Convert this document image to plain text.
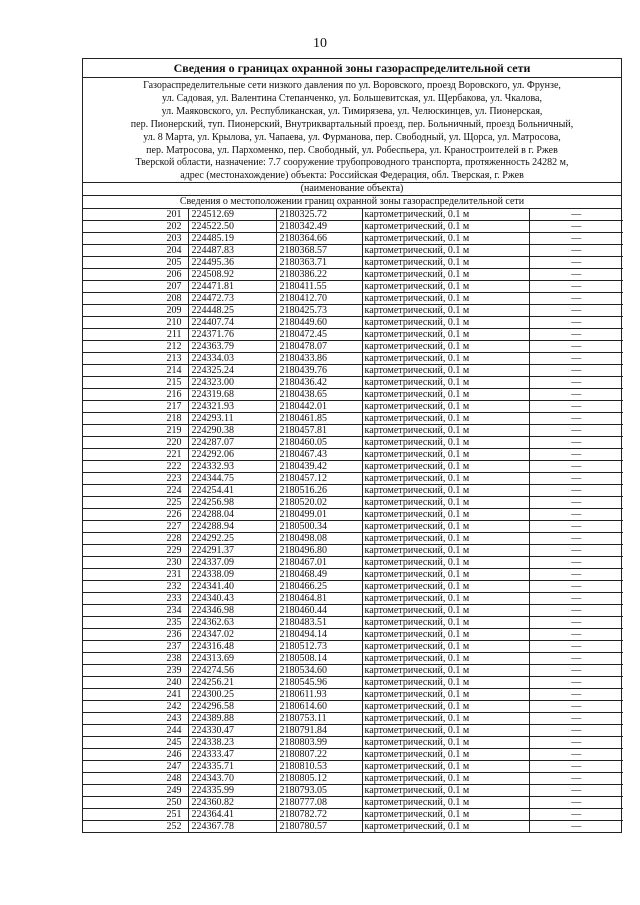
10
Сведения о границах охранной зоны газораспределительной сети
Газораспределительные сети низкого давления по ул. Воровского, проезд Воровского, ул. Фрунзе,
ул. Садовая, ул. Валентина Степанченко, ул. Большевитская, ул. Щербакова, ул. Чкалова,
ул. Маяковского, ул. Республиканская, ул. Тимирязева, ул. Челюскинцев, ул. Пионерская,
пер. Пионерский, туп. Пионерский, Внутриквартальный проезд, пер. Больничный, проезд Больничный,
ул. 8 Марта, ул. Крылова, ул. Чапаева, ул. Фурманова, пер. Свободный, ул. Щорса, ул. Матросова,
пер. Матросова, ул. Пархоменко, пер. Свободный, ул. Робеспьера, ул. Краностроителей в г. Ржев
Тверской области, назначение: 7.7 сооружение трубопроводного транспорта, протяженность 24282 м,
адрес (местонахождение) объекта: Российская Федерация, обл. Тверская, г. Ржев
(наименование объекта)
Сведения о местоположении границ охранной зоны газораспределительной сети
201	224512.69	2180325.72	картометрический, 0.1 м	—
202	224522.50	2180342.49	картометрический, 0.1 м	—
203	224485.19	2180364.66	картометрический, 0.1 м	—
204	224487.83	2180368.57	картометрический, 0.1 м	—
205	224495.36	2180363.71	картометрический, 0.1 м	—
206	224508.92	2180386.22	картометрический, 0.1 м	—
207	224471.81	2180411.55	картометрический, 0.1 м	—
208	224472.73	2180412.70	картометрический, 0.1 м	—
209	224448.25	2180425.73	картометрический, 0.1 м	—
210	224407.74	2180449.60	картометрический, 0.1 м	—
211	224371.76	2180472.45	картометрический, 0.1 м	—
212	224363.79	2180478.07	картометрический, 0.1 м	—
213	224334.03	2180433.86	картометрический, 0.1 м	—
214	224325.24	2180439.76	картометрический, 0.1 м	—
215	224323.00	2180436.42	картометрический, 0.1 м	—
216	224319.68	2180438.65	картометрический, 0.1 м	—
217	224321.93	2180442.01	картометрический, 0.1 м	—
218	224293.11	2180461.85	картометрический, 0.1 м	—
219	224290.38	2180457.81	картометрический, 0.1 м	—
220	224287.07	2180460.05	картометрический, 0.1 м	—
221	224292.06	2180467.43	картометрический, 0.1 м	—
222	224332.93	2180439.42	картометрический, 0.1 м	—
223	224344.75	2180457.12	картометрический, 0.1 м	—
224	224254.41	2180516.26	картометрический, 0.1 м	—
225	224256.98	2180520.02	картометрический, 0.1 м	—
226	224288.04	2180499.01	картометрический, 0.1 м	—
227	224288.94	2180500.34	картометрический, 0.1 м	—
228	224292.25	2180498.08	картометрический, 0.1 м	—
229	224291.37	2180496.80	картометрический, 0.1 м	—
230	224337.09	2180467.01	картометрический, 0.1 м	—
231	224338.09	2180468.49	картометрический, 0.1 м	—
232	224341.40	2180466.25	картометрический, 0.1 м	—
233	224340.43	2180464.81	картометрический, 0.1 м	—
234	224346.98	2180460.44	картометрический, 0.1 м	—
235	224362.63	2180483.51	картометрический, 0.1 м	—
236	224347.02	2180494.14	картометрический, 0.1 м	—
237	224316.48	2180512.73	картометрический, 0.1 м	—
238	224313.69	2180508.14	картометрический, 0.1 м	—
239	224274.56	2180534.60	картометрический, 0.1 м	—
240	224256.21	2180545.96	картометрический, 0.1 м	—
241	224300.25	2180611.93	картометрический, 0.1 м	—
242	224296.58	2180614.60	картометрический, 0.1 м	—
243	224389.88	2180753.11	картометрический, 0.1 м	—
244	224330.47	2180791.84	картометрический, 0.1 м	—
245	224338.23	2180803.99	картометрический, 0.1 м	—
246	224333.47	2180807.22	картометрический, 0.1 м	—
247	224335.71	2180810.53	картометрический, 0.1 м	—
248	224343.70	2180805.12	картометрический, 0.1 м	—
249	224335.99	2180793.05	картометрический, 0.1 м	—
250	224360.82	2180777.08	картометрический, 0.1 м	—
251	224364.41	2180782.72	картометрический, 0.1 м	—
252	224367.78	2180780.57	картометрический, 0.1 м	—
